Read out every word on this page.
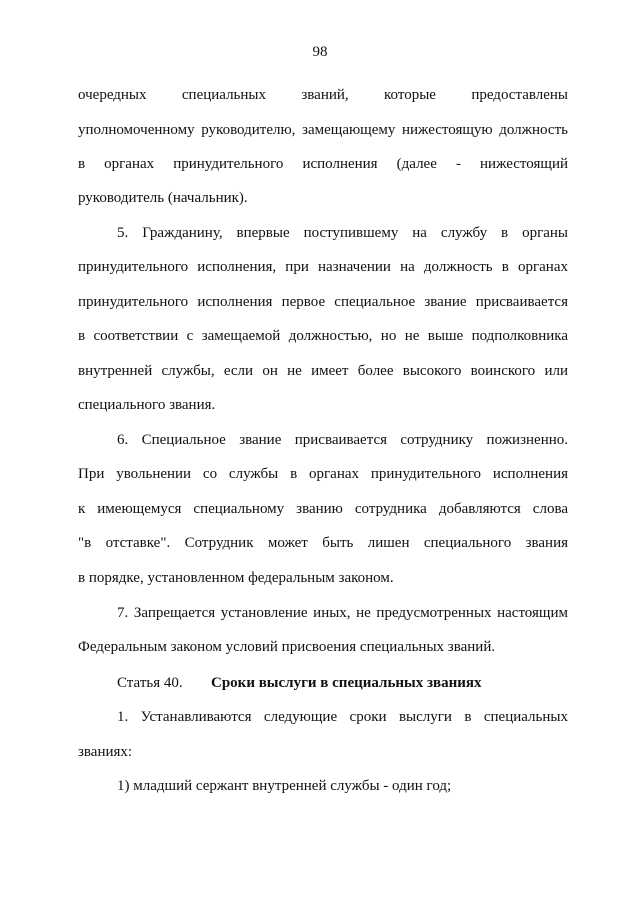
98
очередных специальных званий, которые предоставлены
уполномоченному руководителю, замещающему нижестоящую должность
в органах принудительного исполнения (далее - нижестоящий
руководитель (начальник).
5. Гражданину, впервые поступившему на службу в органы
принудительного исполнения, при назначении на должность в органах
принудительного исполнения первое специальное звание присваивается
в соответствии с замещаемой должностью, но не выше подполковника
внутренней службы, если он не имеет более высокого воинского или
специального звания.
6. Специальное звание присваивается сотруднику пожизненно.
При увольнении со службы в органах принудительного исполнения
к имеющемуся специальному званию сотрудника добавляются слова
"в отставке". Сотрудник может быть лишен специального звания
в порядке, установленном федеральным законом.
7. Запрещается установление иных, не предусмотренных настоящим
Федеральным законом условий присвоения специальных званий.
Статья 40. Сроки выслуги в специальных званиях
1. Устанавливаются следующие сроки выслуги в специальных
званиях:
1) младший сержант внутренней службы - один год;
